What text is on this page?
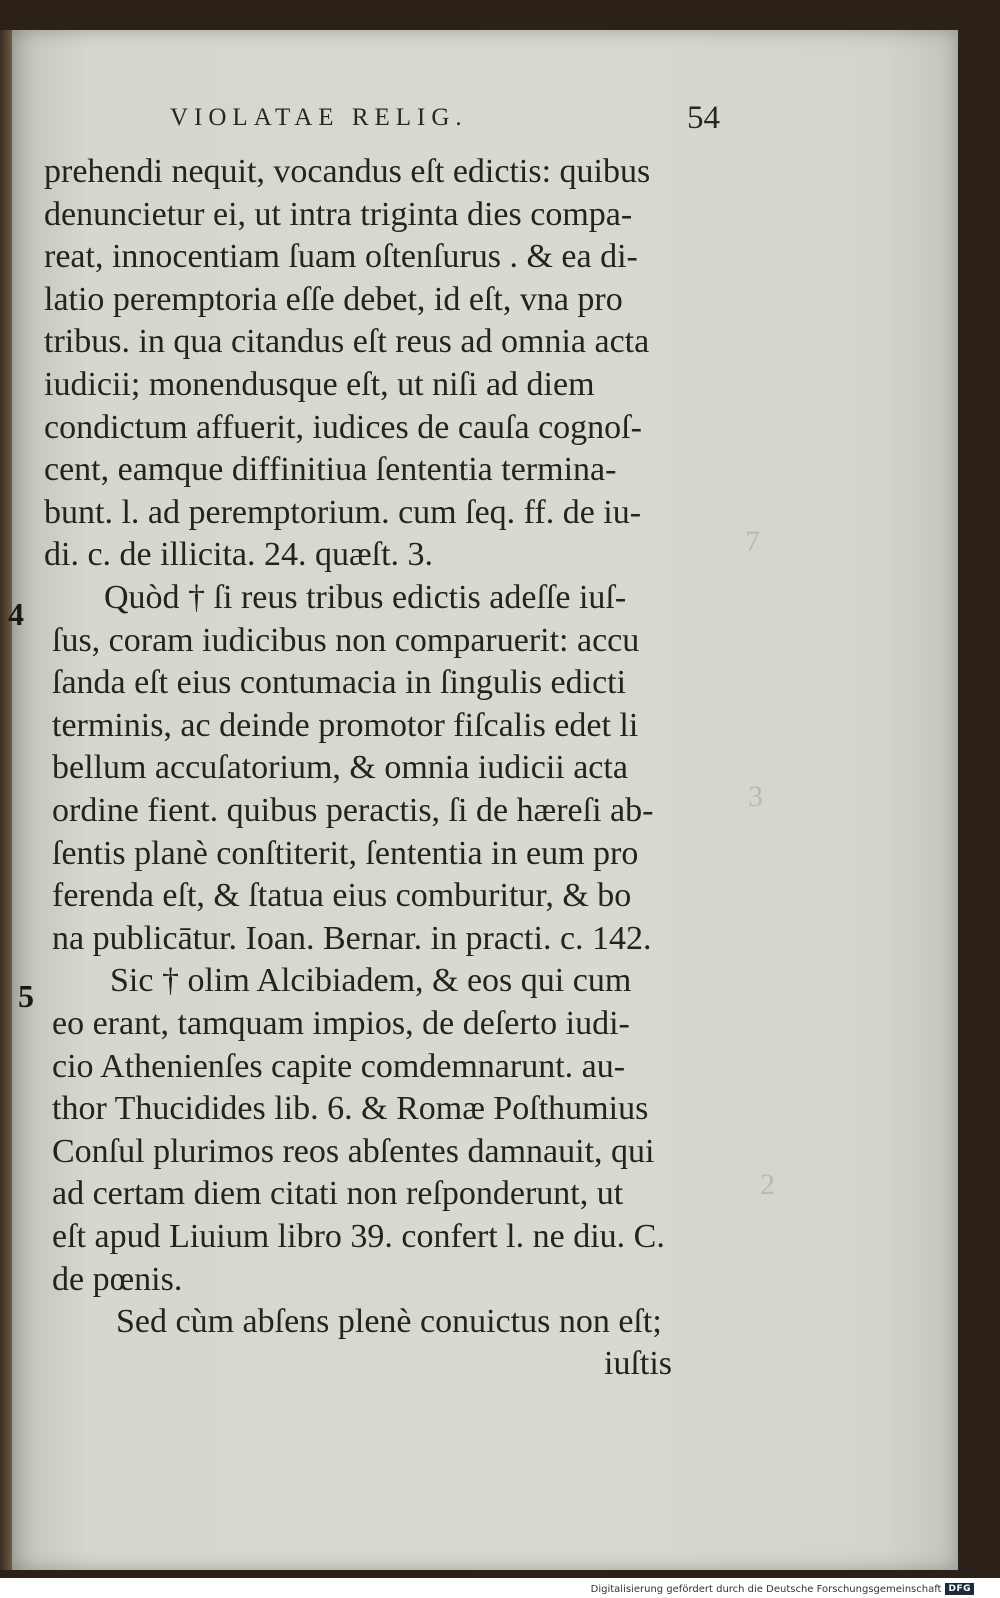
VIOLATAE RELIG.	54
prehendi nequit, vocandus eſt edictis: quibus
denuncietur ei, ut intra triginta dies compa-
reat, innocentiam ſuam oſtenſurus . & ea di-
latio peremptoria eſſe debet, id eſt, vna pro
tribus. in qua citandus eſt reus ad omnia acta
iudicii; monendusque eſt, ut niſi ad diem
condictum affuerit, iudices de cauſa cognoſ-
cent, eamque diffinitiua ſententia termina-
bunt. l. ad peremptorium. cum ſeq. ff. de iu-
di. c. de illicita. 24. quæſt. 3.
Quòd † ſi reus tribus edictis adeſſe iuſ-
ſus, coram iudicibus non comparuerit: accu
ſanda eſt eius contumacia in ſingulis edicti
terminis, ac deinde promotor fiſcalis edet li
bellum accuſatorium, & omnia iudicii acta
ordine fient. quibus peractis, ſi de hæreſi ab-
ſentis planè conſtiterit, ſententia in eum pro
ferenda eſt, & ſtatua eius comburitur, & bo
na publicātur. Ioan. Bernar. in practi. c. 142.
Sic † olim Alcibiadem, & eos qui cum
eo erant, tamquam impios, de deſerto iudi-
cio Athenienſes capite comdemnarunt. au-
thor Thucidides lib. 6. & Romæ Poſthumius
Conſul plurimos reos abſentes damnauit, qui
ad certam diem citati non reſponderunt, ut
eſt apud Liuium libro 39. confert l. ne diu. C.
de pœnis.
Sed cùm abſens plenè conuictus non eſt;
4
5
7
3
2
iuſtis
Digitalisierung gefördert durch die Deutsche Forschungsgemeinschaft DFG
